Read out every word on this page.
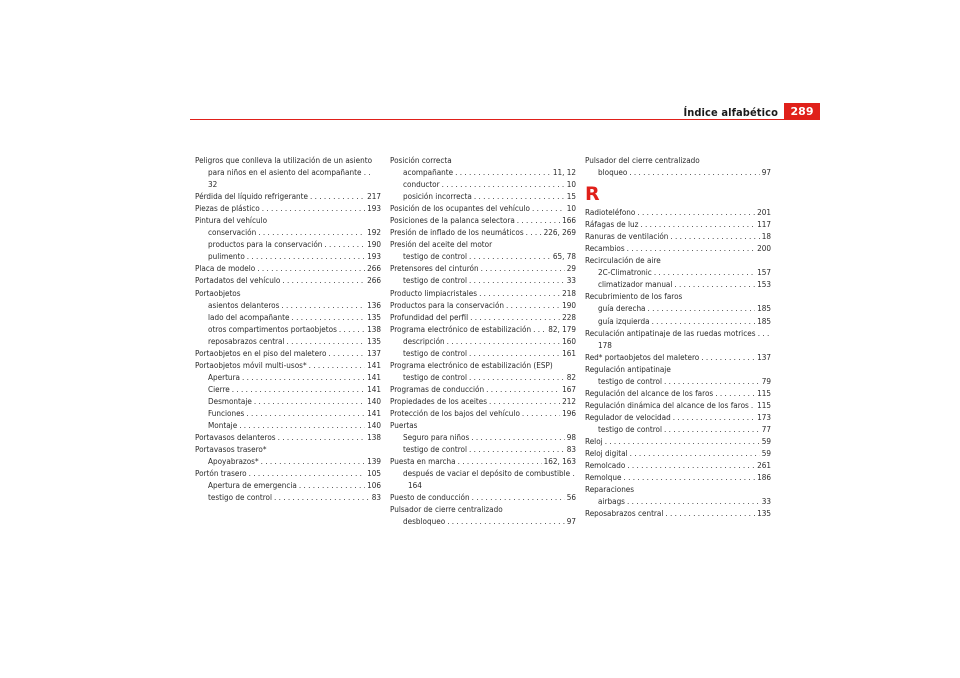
Índice alfabético	289
Peligros que conlleva la utilización de un asiento
para niños en el asiento del acompañante . . 32
Pérdida del líquido refrigerante . . .	217
Piezas de plástico . . .	193
Pintura del vehículo
conservación . . .	192
productos para la conservación . . .	190
pulimento . . .	193
Placa de modelo . . .	266
Portadatos del vehículo . . .	266
Portaobjetos
asientos delanteros . . .	136
lado del acompañante . . .	135
otros compartimentos portaobjetos . . .	138
reposabrazos central . . .	135
Portaobjetos en el piso del maletero . . .	137
Portaobjetos móvil multi-usos* . . .	141
Apertura . . .	141
Cierre . . .	141
Desmontaje . . .	140
Funciones . . .	141
Montaje . . .	140
Portavasos delanteros . . .	138
Portavasos trasero*
Apoyabrazos* . . .	139
Portón trasero . . .	105
Apertura de emergencia . . .	106
testigo de control . . .	83
Posición correcta
acompañante . . .	11, 12
conductor . . .	10
posición incorrecta . . .	15
Posición de los ocupantes del vehículo . . .	10
Posiciones de la palanca selectora . . .	166
Presión de inflado de los neumáticos . . . 226, 269
Presión del aceite del motor
testigo de control . . .	65, 78
Pretensores del cinturón . . .	29
testigo de control . . .	33
Producto limpiacristales . . .	218
Productos para la conservación . . .	190
Profundidad del perfil . . .	228
Programa electrónico de estabilización . . . 82, 179
descripción . . .	160
testigo de control . . .	161
Programa electrónico de estabilización (ESP)
testigo de control . . .	82
Programas de conducción . . .	167
Propiedades de los aceites . . .	212
Protección de los bajos del vehículo . . .	196
Puertas
Seguro para niños . . .	98
testigo de control . . .	83
Puesta en marcha . . .	162, 163
después de vaciar el depósito de combustible .
164
Puesto de conducción . . .	56
Pulsador de cierre centralizado
desbloqueo . . .	97
Pulsador del cierre centralizado
bloqueo . . .	97
R
Radioteléfono . . .	201
Ráfagas de luz . . .	117
Ranuras de ventilación . . .	18
Recambios . . .	200
Recirculación de aire
2C-Climatronic . . .	157
climatizador manual . . .	153
Recubrimiento de los faros
guía derecha . . .	185
guía izquierda . . .	185
Reculación antipatinaje de las ruedas motrices . . .
178
Red* portaobjetos del maletero . . .	137
Regulación antipatinaje
testigo de control . . .	79
Regulación del alcance de los faros . . .	115
Regulación dinámica del alcance de los faros . . . 115
Regulador de velocidad . . .	173
testigo de control . . .	77
Reloj . . .	59
Reloj digital . . .	59
Remolcado . . .	261
Remolque . . .	186
Reparaciones
airbags . . .	33
Reposabrazos central . . .	135
